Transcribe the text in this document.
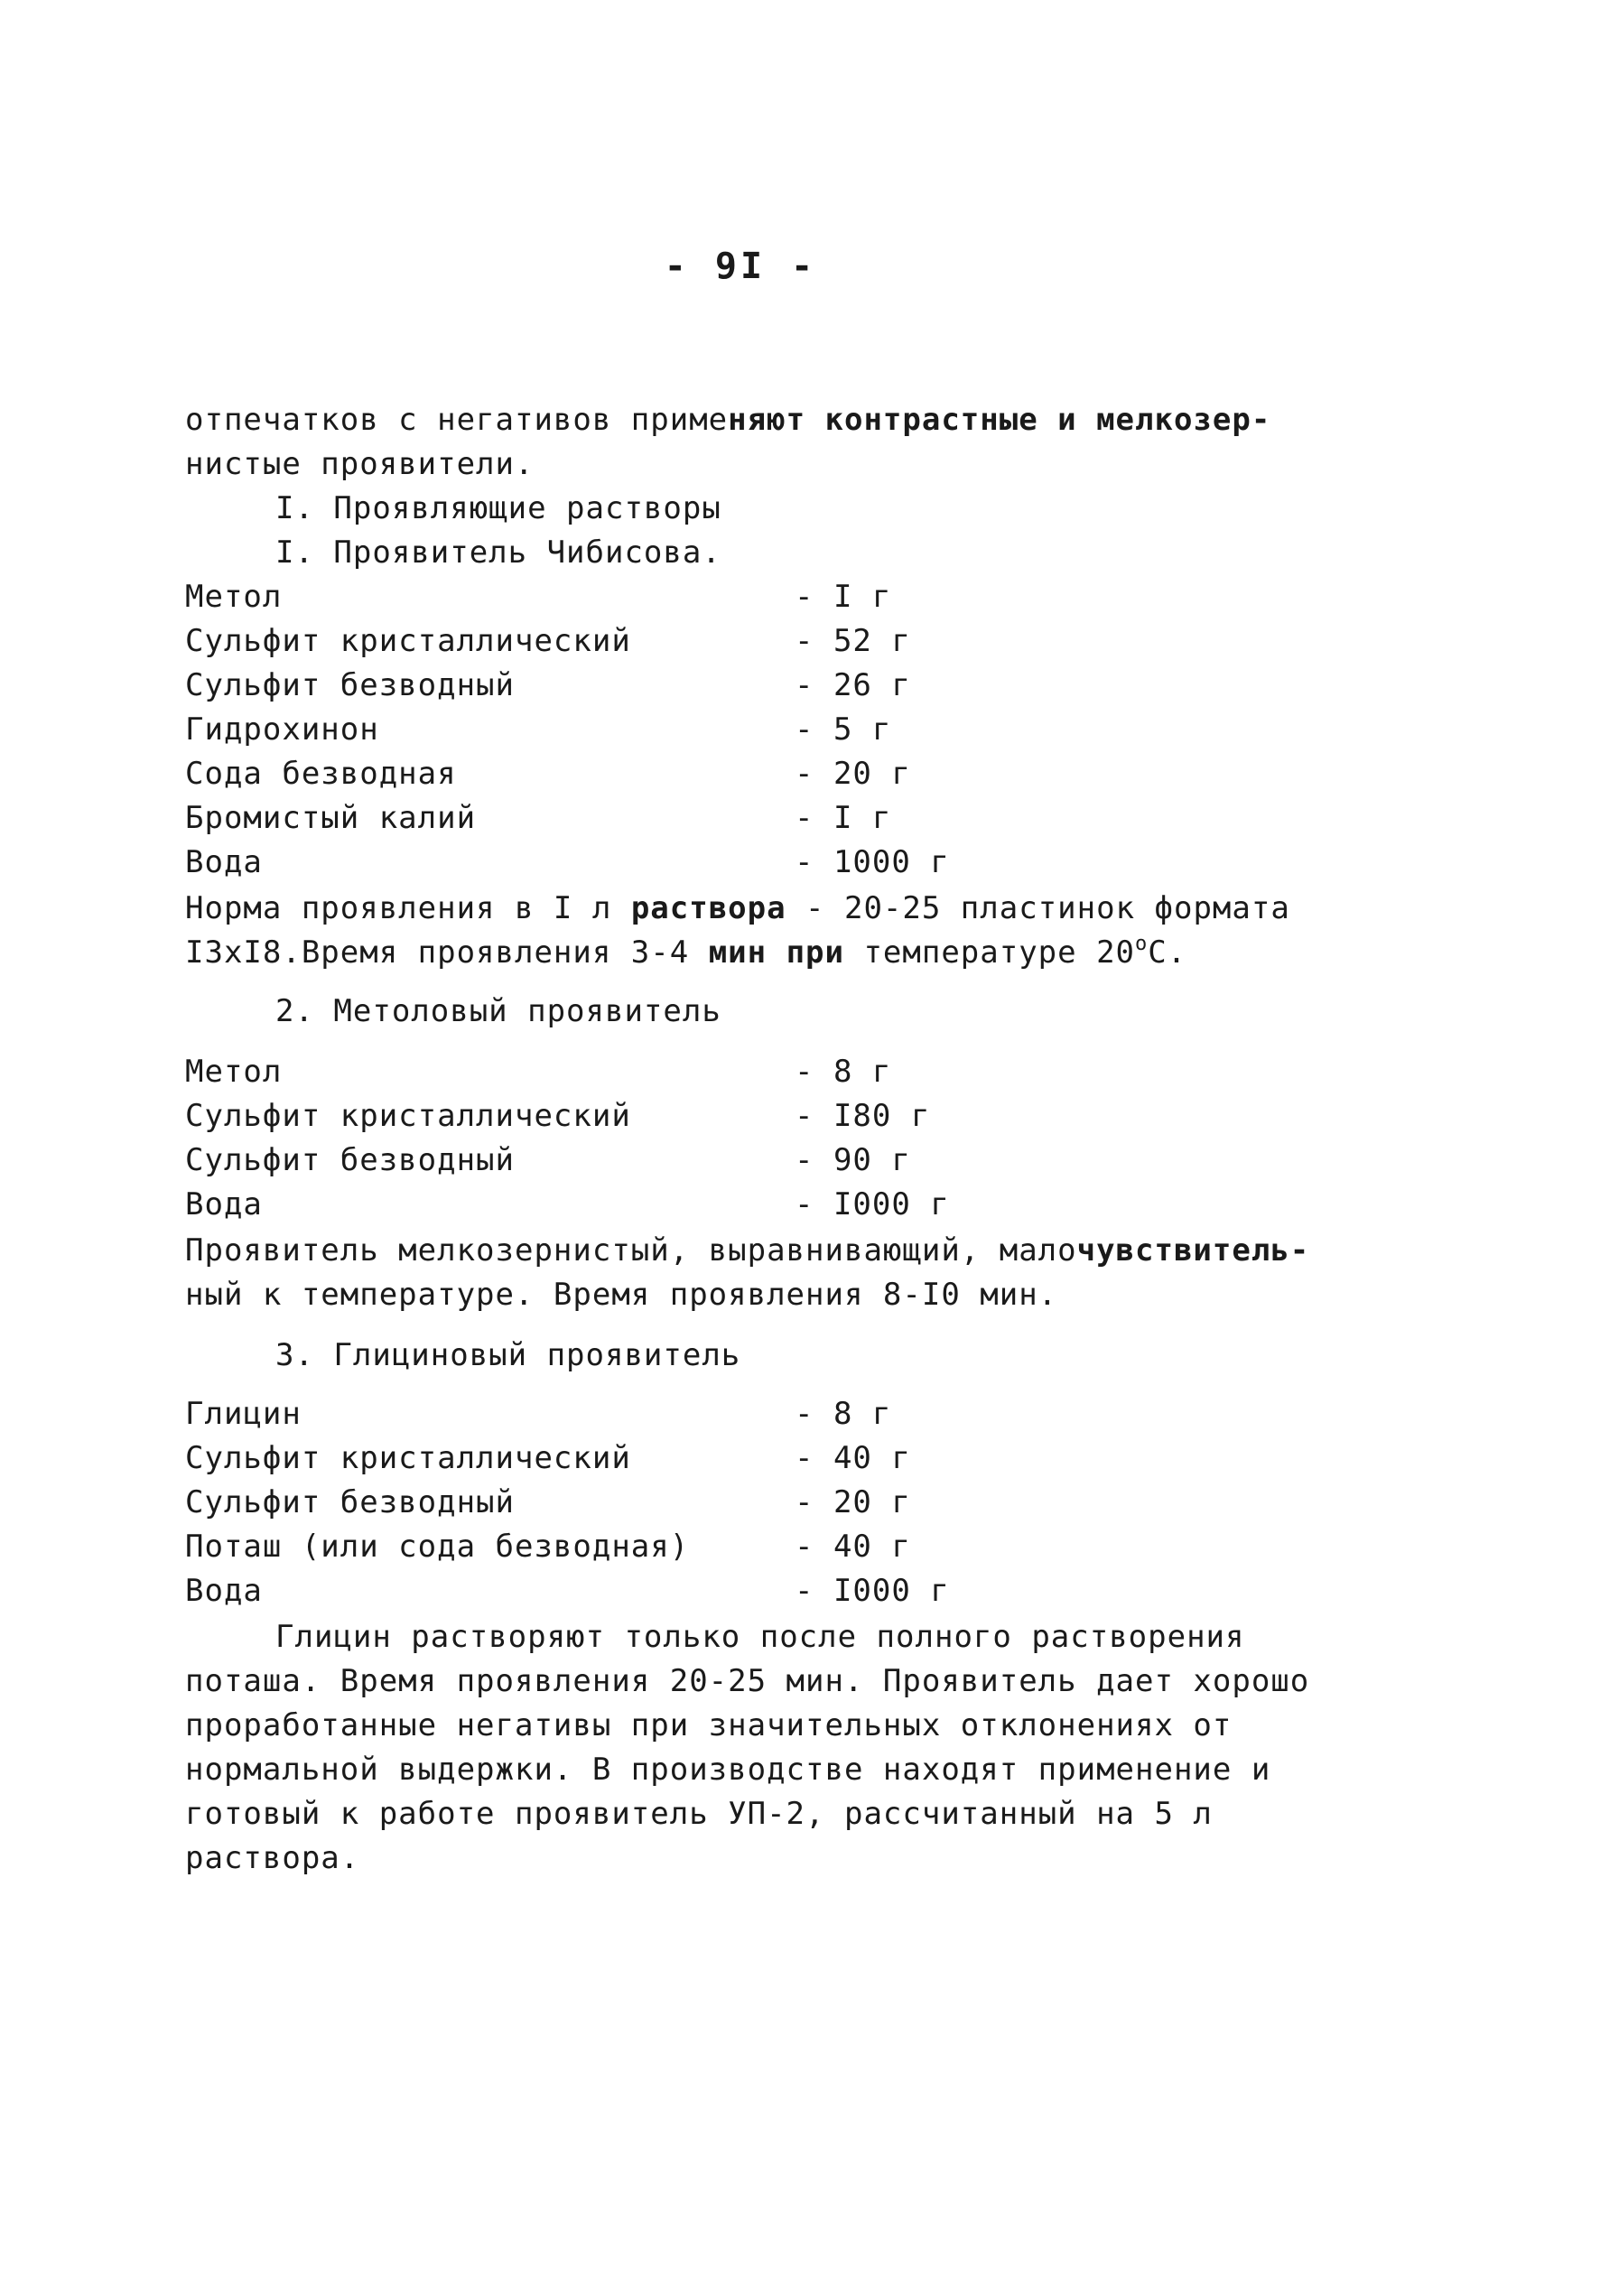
- 9I -
отпечатков с негативов применяют контрастные и мелкозер-
нистые проявители.
I. Проявляющие растворы
I. Проявитель Чибисова.
Метол	- I г
Сульфит кристаллический	- 52 г
Сульфит безводный	- 26 г
Гидрохинон	- 5 г
Сода безводная	- 20 г
Бромистый калий	- I г
Вода	- 1000 г
Норма проявления в I л раствора - 20-25 пластинок формата
I3xI8.Время проявления 3-4 мин при температуре $20^оС$.
2. Метоловый проявитель
Метол	- 8 г
Сульфит кристаллический	- I80 г
Сульфит безводный	- 90 г
Вода	- I000 г
Проявитель мелкозернистый, выравнивающий, малочувствитель-
ный к температуре. Время проявления 8-I0 мин.
3. Глициновый проявитель
Глицин	- 8 г
Сульфит кристаллический	- 40 г
Сульфит безводный	- 20 г
Поташ (или сода безводная)	- 40 г
Вода	- I000 г
Глицин растворяют только после полного растворения
поташа. Время проявления 20-25 мин. Проявитель дает хорошо
проработанные негативы при значительных отклонениях от
нормальной выдержки. В производстве находят применение и
готовый к работе проявитель УП-2, рассчитанный на 5 л
раствора.
